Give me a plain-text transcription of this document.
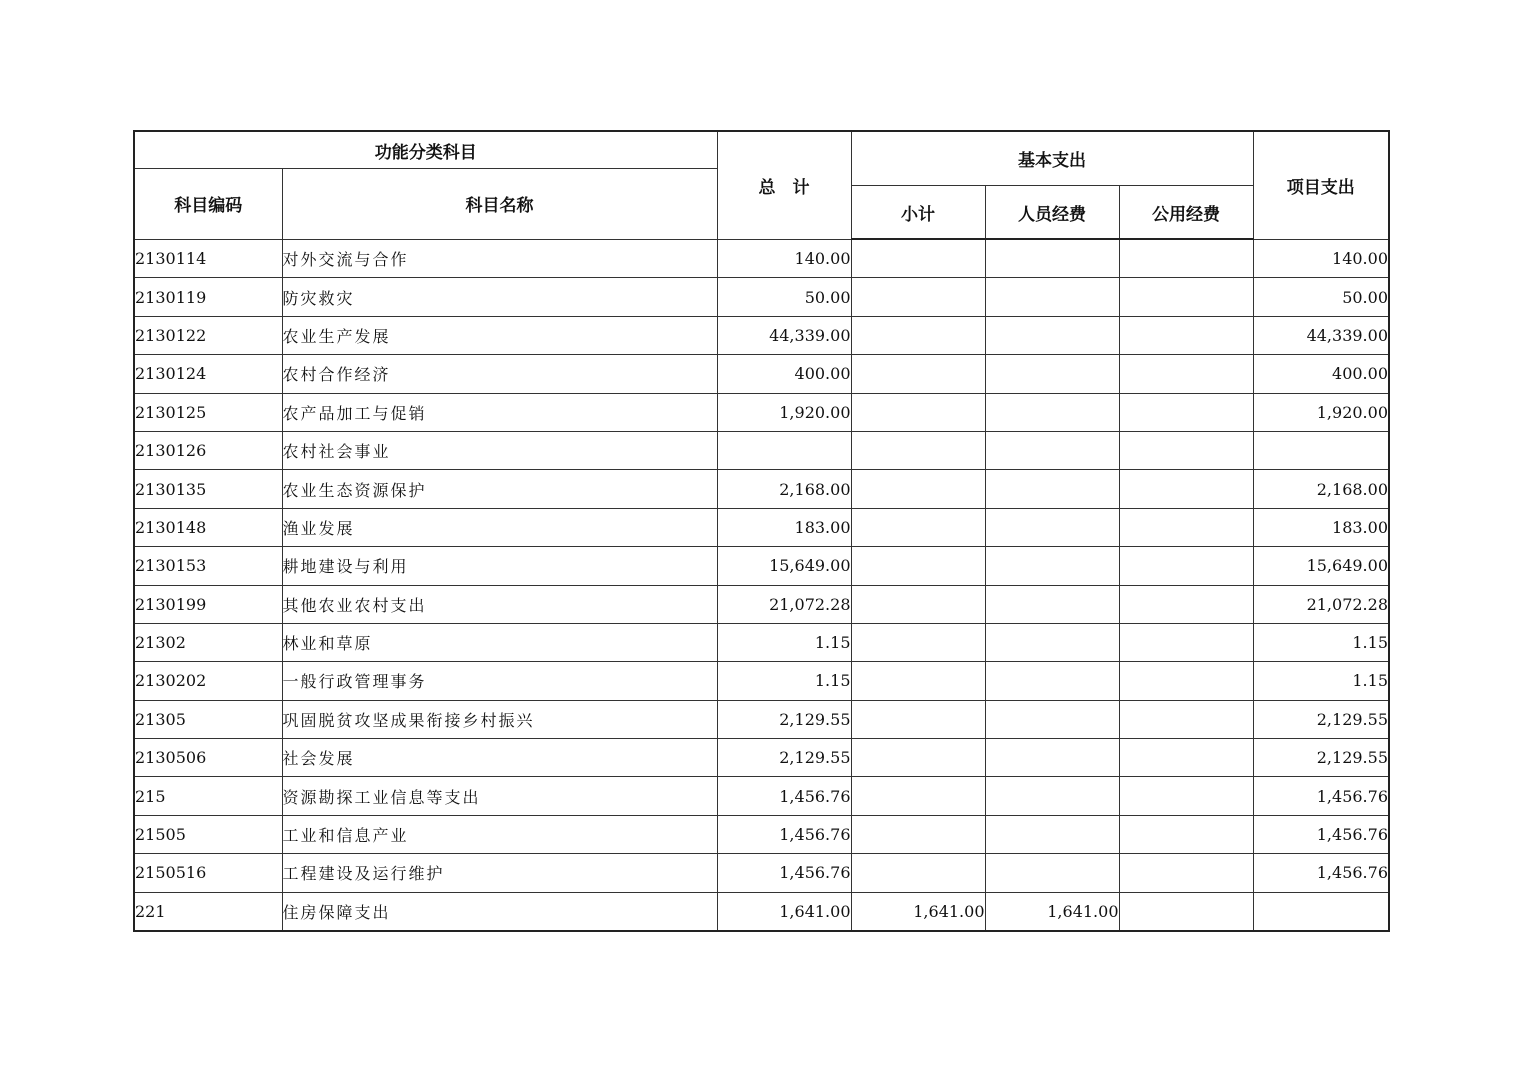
功能分类科目		总　计	基本支出			项目支出
科目编码	科目名称					
			小计	人员经费	公用经费	
2130114	对外交流与合作	140.00				140.00
2130119	防灾救灾	50.00				50.00
2130122	农业生产发展	44,339.00				44,339.00
2130124	农村合作经济	400.00				400.00
2130125	农产品加工与促销	1,920.00				1,920.00
2130126	农村社会事业					
2130135	农业生态资源保护	2,168.00				2,168.00
2130148	渔业发展	183.00				183.00
2130153	耕地建设与利用	15,649.00				15,649.00
2130199	其他农业农村支出	21,072.28				21,072.28
21302	林业和草原	1.15				1.15
2130202	一般行政管理事务	1.15				1.15
21305	巩固脱贫攻坚成果衔接乡村振兴	2,129.55				2,129.55
2130506	社会发展	2,129.55				2,129.55
215	资源勘探工业信息等支出	1,456.76				1,456.76
21505	工业和信息产业	1,456.76				1,456.76
2150516	工程建设及运行维护	1,456.76				1,456.76
221	住房保障支出	1,641.00	1,641.00	1,641.00		
